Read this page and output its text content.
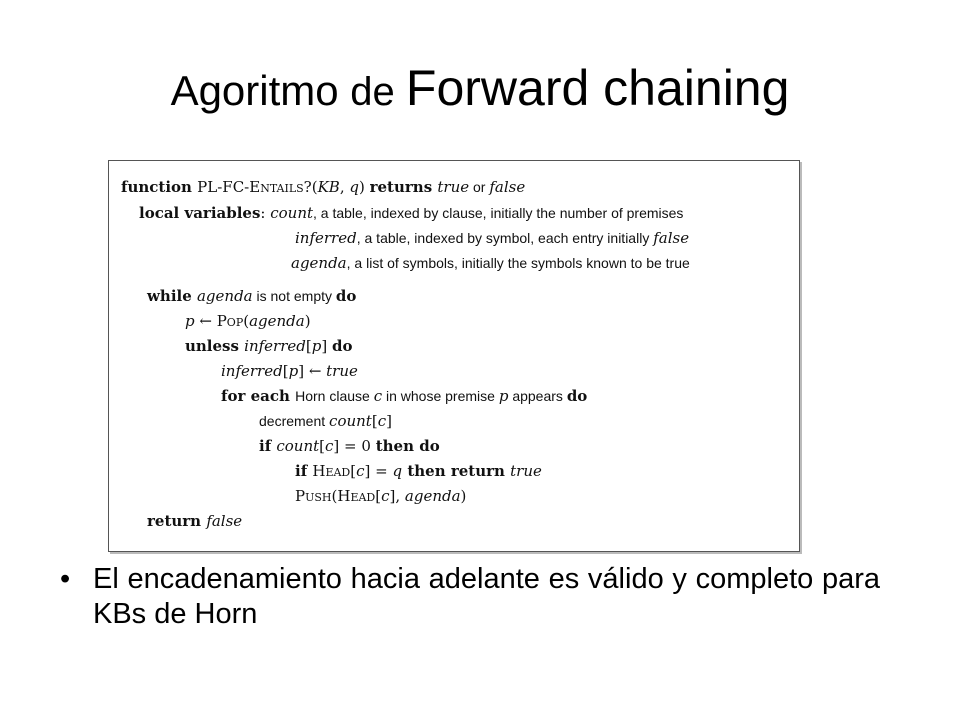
Agoritmo de Forward chaining
function PL-FC-Entails?(KB, q) returns true or false
local variables: count, a table, indexed by clause, initially the number of premises
inferred, a table, indexed by symbol, each entry initially false
agenda, a list of symbols, initially the symbols known to be true
while agenda is not empty do
p ← Pop(agenda)
unless inferred[p] do
inferred[p] ← true
for each Horn clause c in whose premise p appears do
decrement count[c]
if count[c] = 0 then do
if Head[c] = q then return true
Push(Head[c], agenda)
return false
• El encadenamiento hacia adelante es válido y completo para KBs de Horn
